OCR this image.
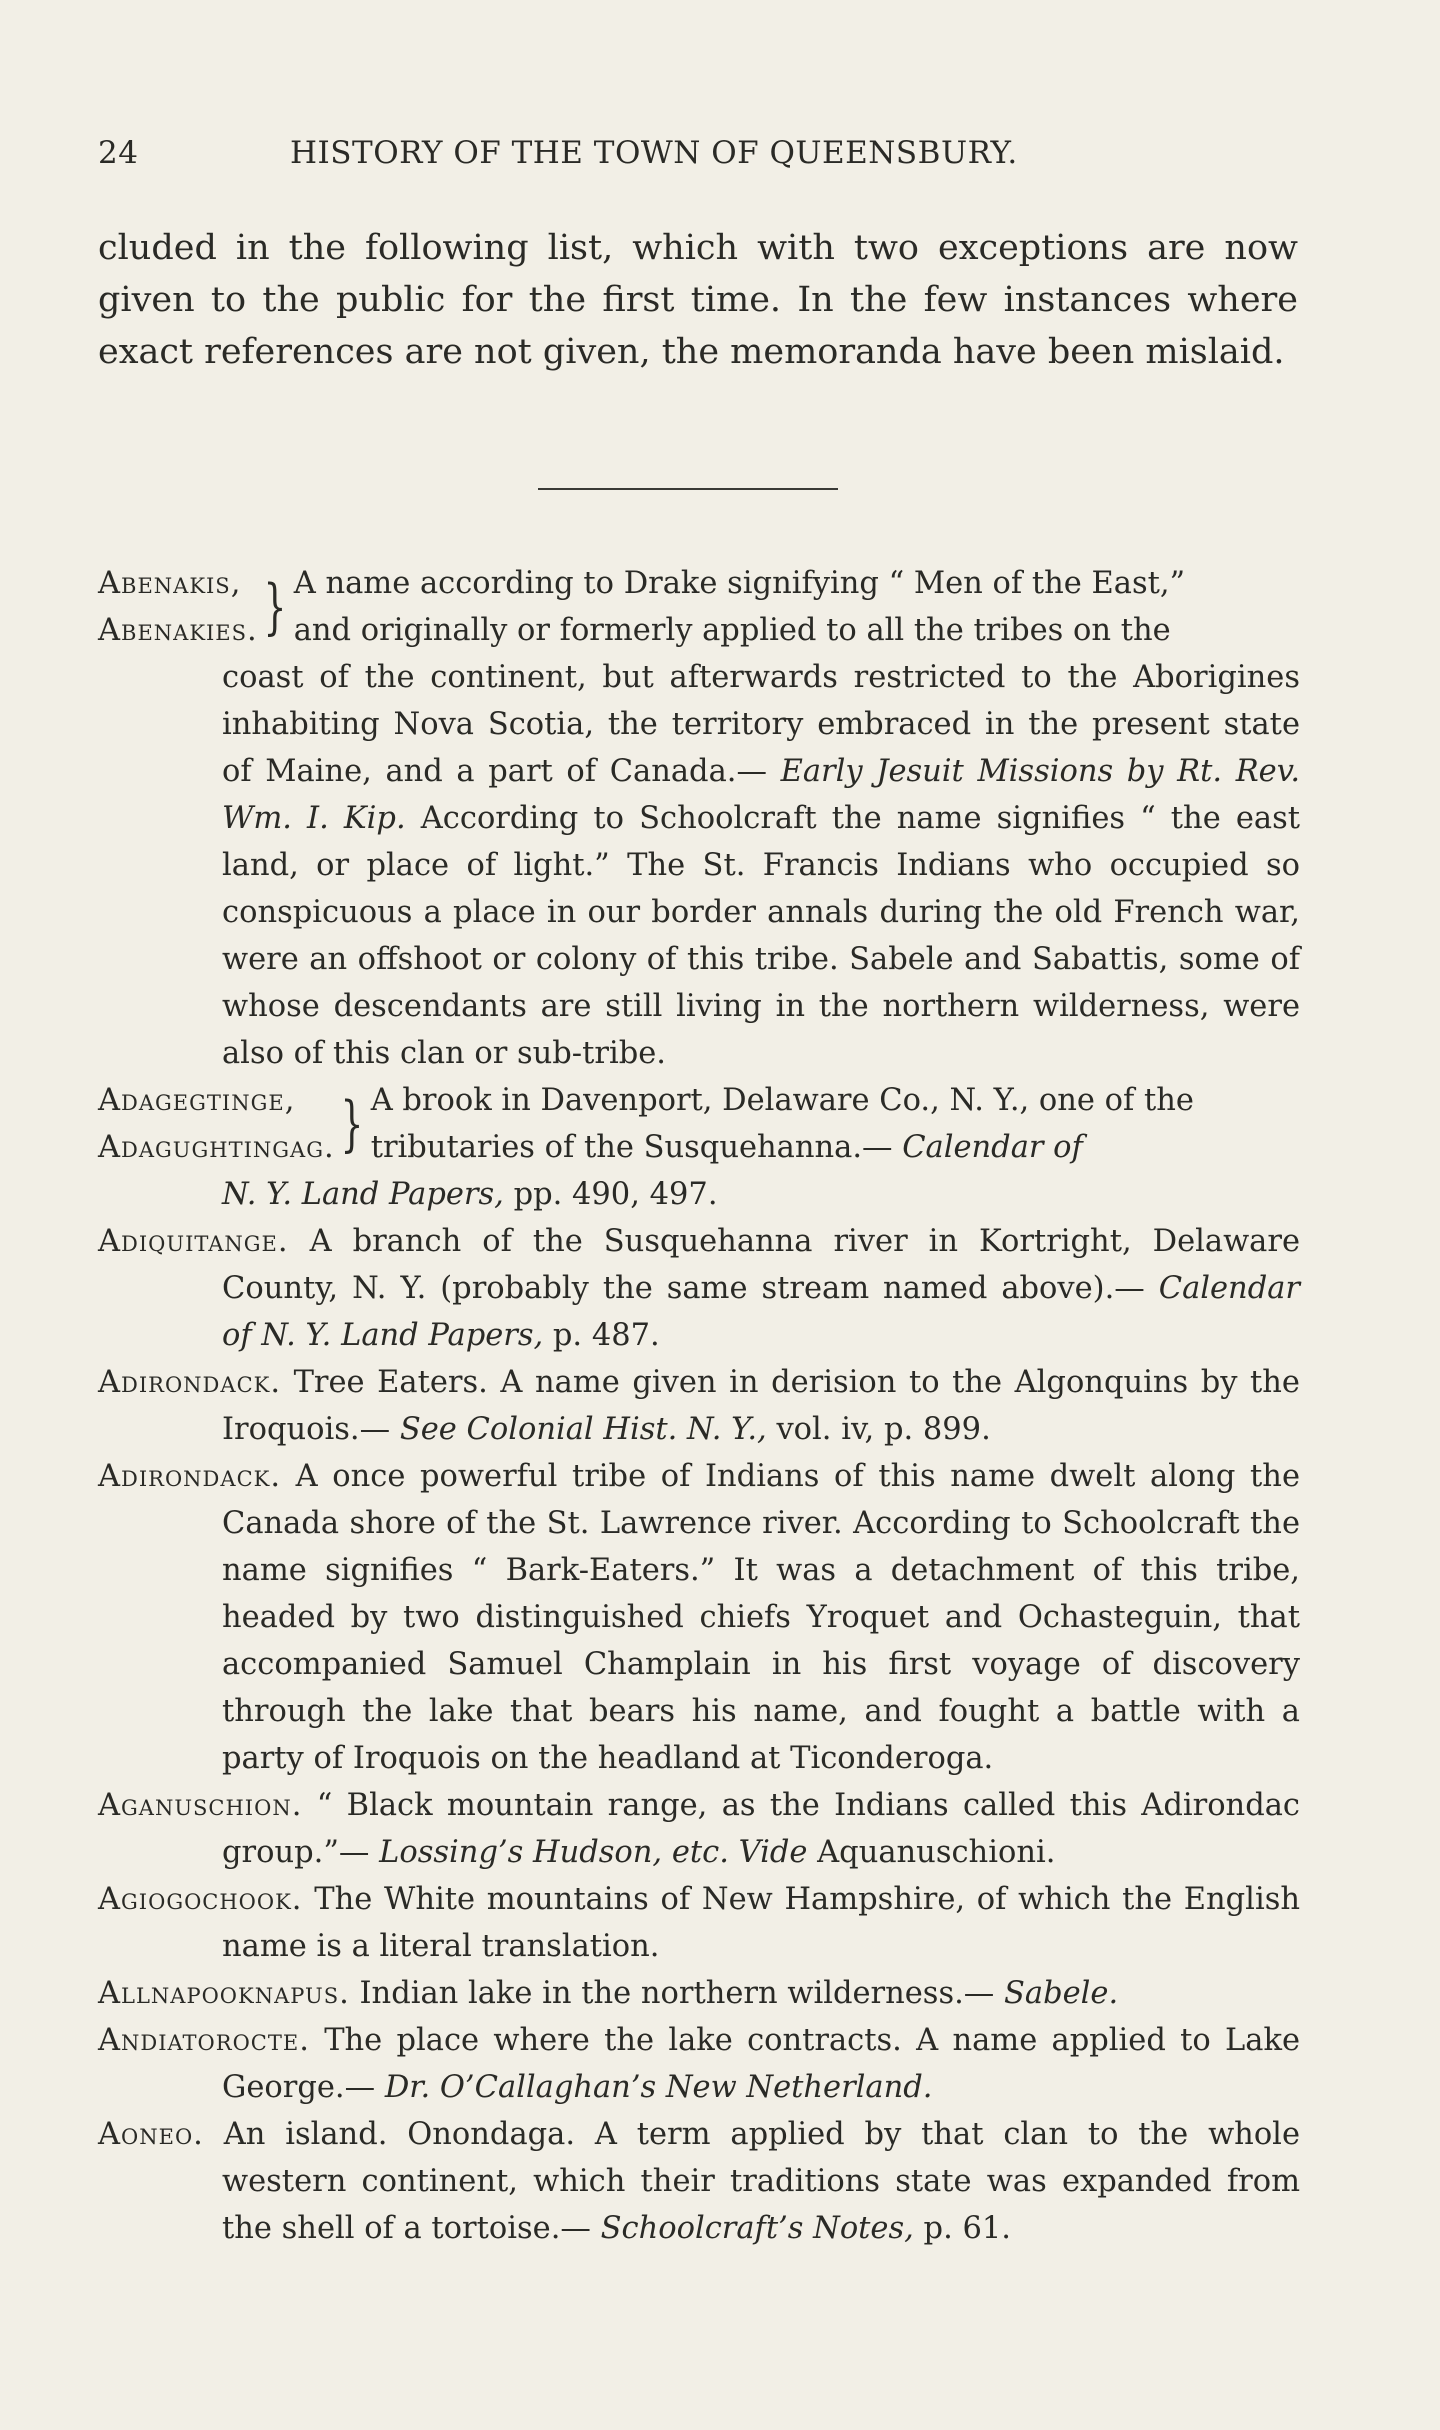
24	HISTORY OF THE TOWN OF QUEENSBURY.

cluded in the following list, which with two exceptions are now given to the public for the first time. In the few instances where exact references are not given, the memoranda have been mislaid.

Abenakis,
Abenakies. } A name according to Drake signifying “ Men of the East,”
and originally or formerly applied to all the tribes on the
coast of the continent, but afterwards restricted to the Aborigines inhabiting Nova Scotia, the territory embraced in the present state of Maine, and a part of Canada.— Early Jesuit Missions by Rt. Rev. Wm. I. Kip. According to Schoolcraft the name signifies “ the east land, or place of light.” The St. Francis Indians who occupied so conspicuous a place in our border annals during the old French war, were an offshoot or colony of this tribe. Sabele and Sabattis, some of whose descendants are still living in the northern wilderness, were also of this clan or sub-tribe.
Adagegtinge,
Adagughtingag. } A brook in Davenport, Delaware Co., N. Y., one of the
tributaries of the Susquehanna.— Calendar of
N. Y. Land Papers, pp. 490, 497.
Adiquitange. A branch of the Susquehanna river in Kortright, Delaware County, N. Y. (probably the same stream named above).— Calendar of N. Y. Land Papers, p. 487.
Adirondack. Tree Eaters. A name given in derision to the Algonquins by the Iroquois.— See Colonial Hist. N. Y., vol. iv, p. 899.
Adirondack. A once powerful tribe of Indians of this name dwelt along the Canada shore of the St. Lawrence river. According to Schoolcraft the name signifies “ Bark-Eaters.” It was a detachment of this tribe, headed by two distinguished chiefs Yroquet and Ochasteguin, that accompanied Samuel Champlain in his first voyage of discovery through the lake that bears his name, and fought a battle with a party of Iroquois on the headland at Ticonderoga.
Aganuschion. “ Black mountain range, as the Indians called this Adirondac group.”— Lossing’s Hudson, etc. Vide Aquanuschioni.
Agiogochook. The White mountains of New Hampshire, of which the English name is a literal translation.
Allnapooknapus. Indian lake in the northern wilderness.— Sabele.
Andiatorocte. The place where the lake contracts. A name applied to Lake George.— Dr. O’Callaghan’s New Netherland.
Aoneo. An island. Onondaga. A term applied by that clan to the whole western continent, which their traditions state was expanded from the shell of a tortoise.— Schoolcraft’s Notes, p. 61.
